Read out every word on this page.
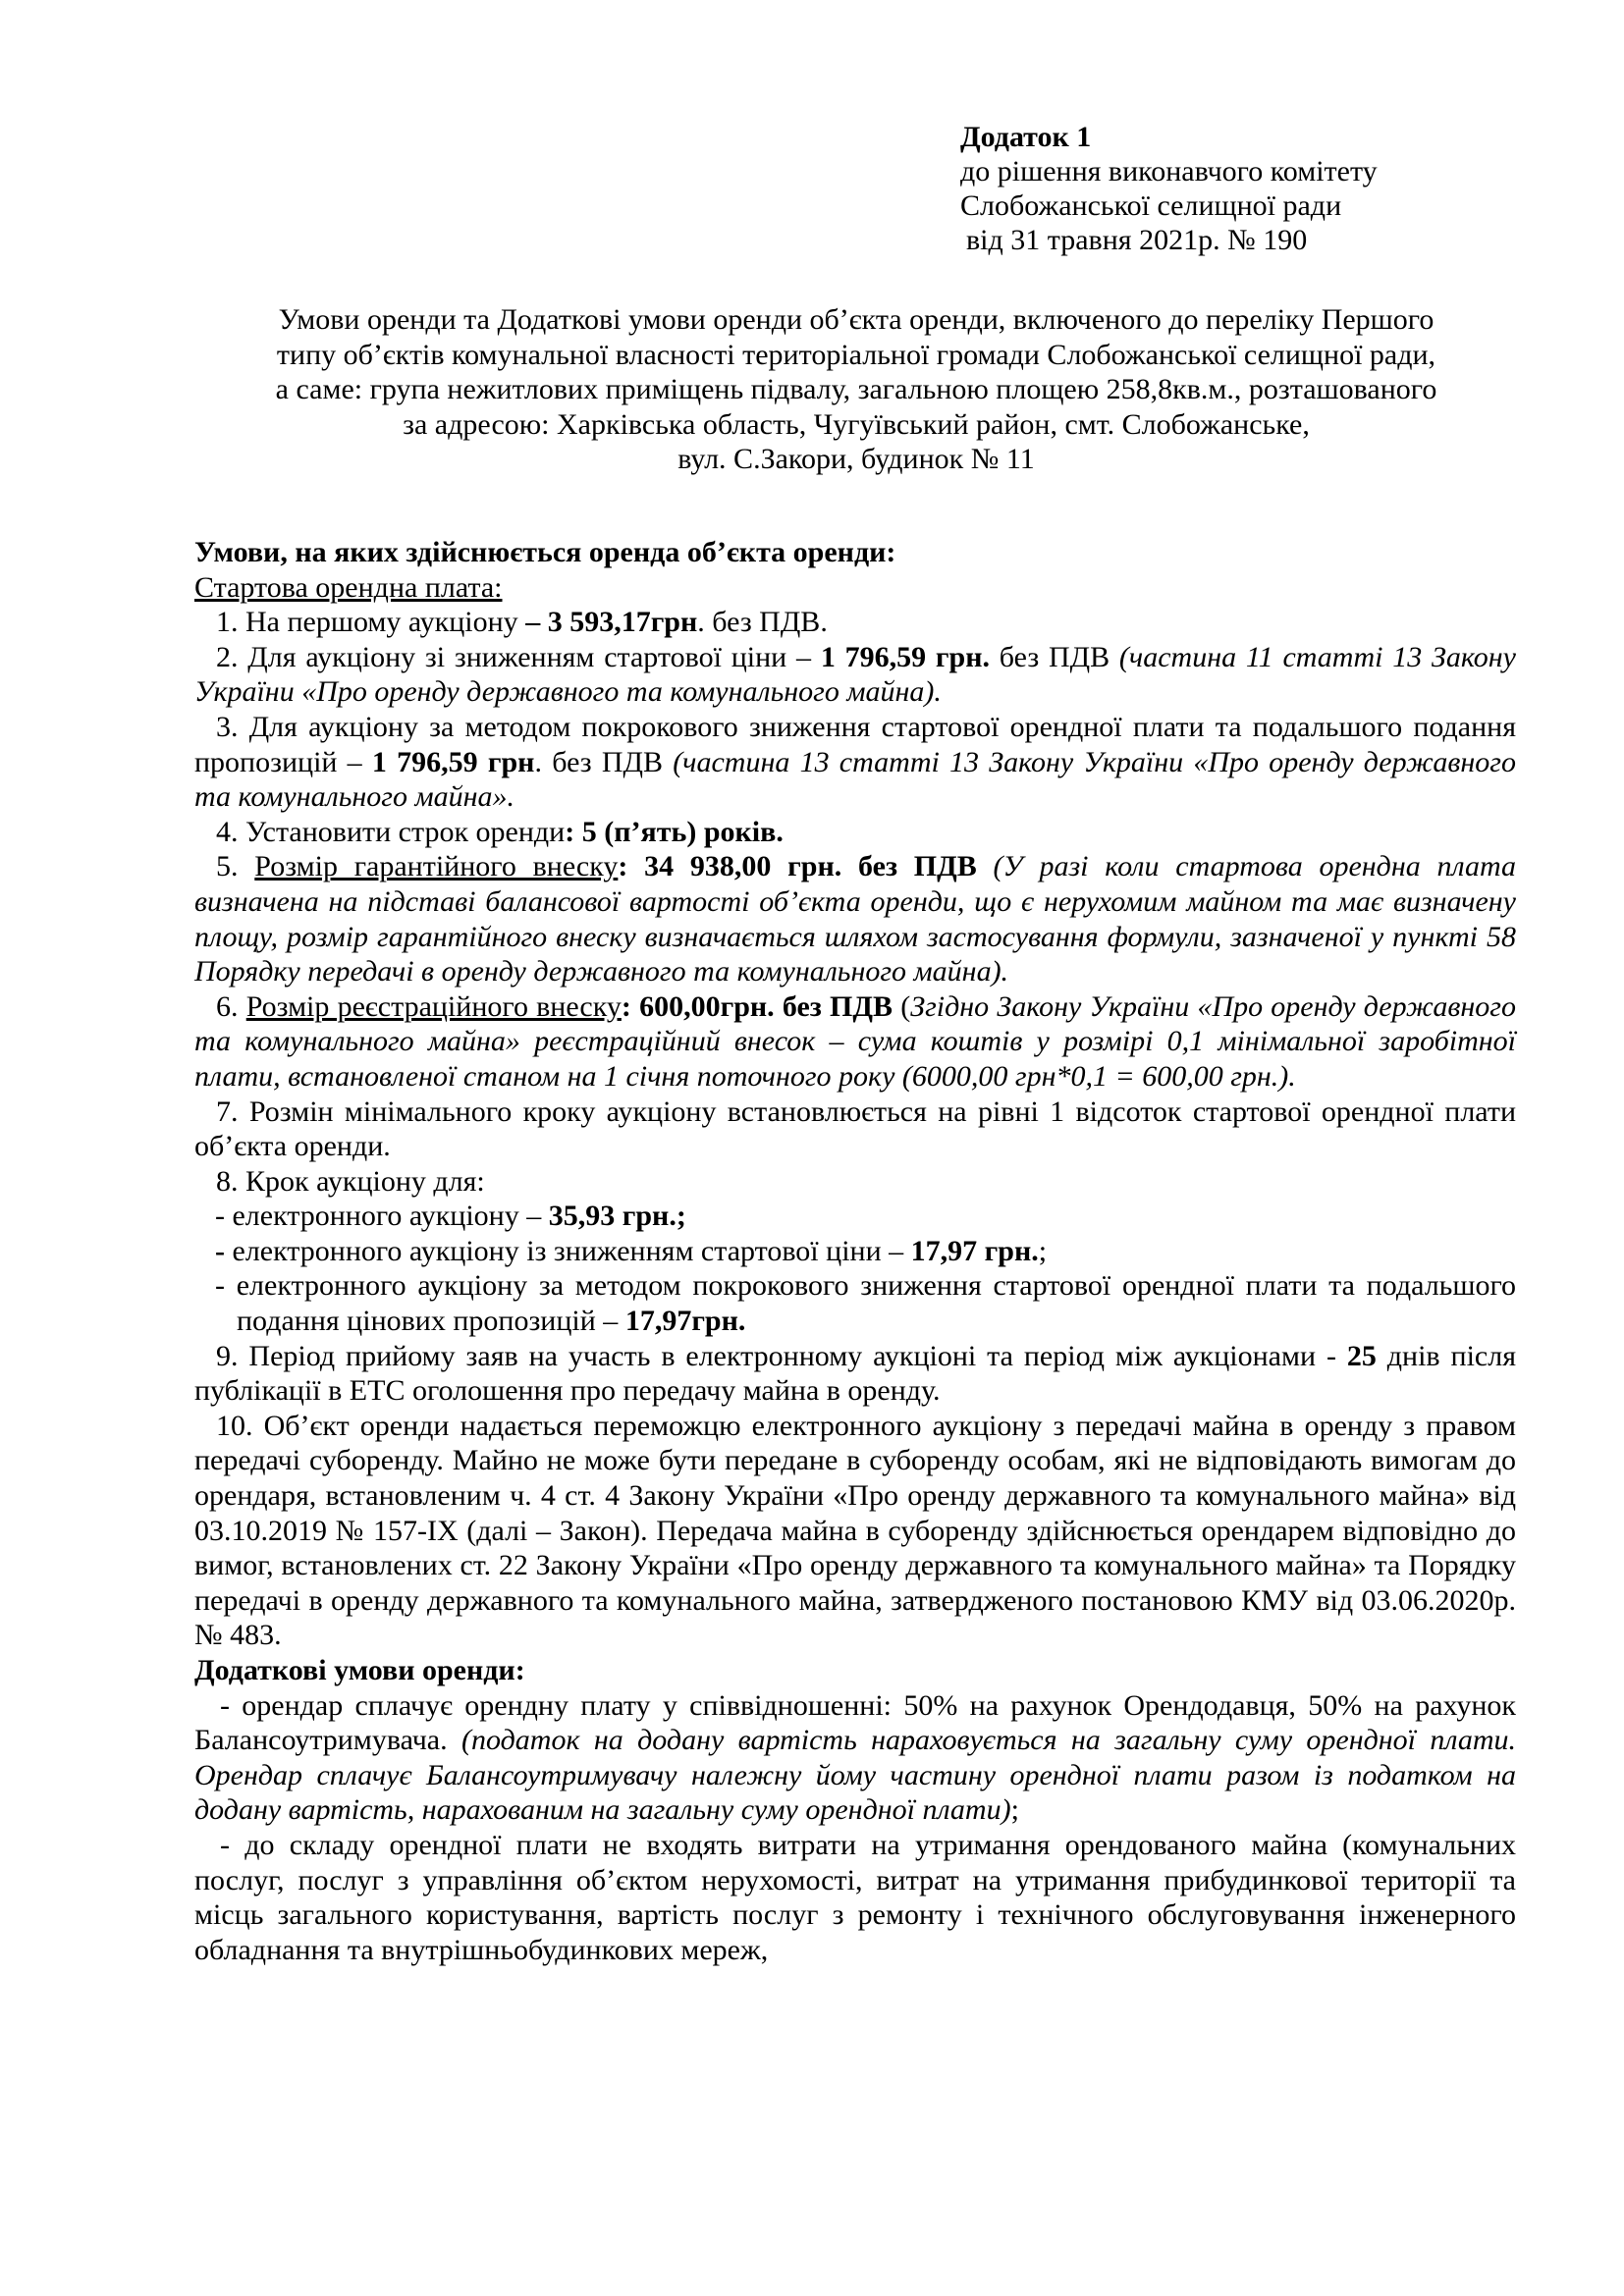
Додаток 1
до рішення виконавчого комітету
Слобожанської селищної ради
від 31 травня 2021р. № 190
Умови оренди та Додаткові умови оренди об’єкта оренди, включеного до переліку Першого
типу об’єктів комунальної власності територіальної громади Слобожанської селищної ради,
а саме: група нежитлових приміщень підвалу, загальною площею 258,8кв.м., розташованого
за адресою: Харківська область, Чугуївський район, смт. Слобожанське,
вул. С.Закори, будинок № 11

Умови, на яких здійснюється оренда об’єкта оренди:

Стартова орендна плата:

1. На першому аукціону – 3 593,17грн. без ПДВ.

2. Для аукціону зі зниженням стартової ціни – 1 796,59 грн. без ПДВ (частина 11 статті 13 Закону України «Про оренду державного та комунального майна).

3. Для аукціону за методом покрокового зниження стартової орендної плати та подальшого подання пропозицій – 1 796,59 грн. без ПДВ (частина 13 статті 13 Закону України «Про оренду державного та комунального майна».

4. Установити строк оренди: 5 (п’ять) років.

5. Розмір гарантійного внеску: 34 938,00 грн. без ПДВ (У разі коли стартова орендна плата визначена на підставі балансової вартості об’єкта оренди, що є нерухомим майном та має визначену площу, розмір гарантійного внеску визначається шляхом застосування формули, зазначеної у пункті 58 Порядку передачі в оренду державного та комунального майна).

6. Розмір реєстраційного внеску: 600,00грн. без ПДВ (Згідно Закону України «Про оренду державного та комунального майна» реєстраційний внесок – сума коштів у розмірі 0,1 мінімальної заробітної плати, встановленої станом на 1 січня поточного року (6000,00 грн*0,1 = 600,00 грн.).

7. Розмін мінімального кроку аукціону встановлюється на рівні 1 відсоток стартової орендної плати об’єкта оренди.

8. Крок аукціону для:

- електронного аукціону – 35,93 грн.;

- електронного аукціону із зниженням стартової ціни – 17,97 грн.;

- електронного аукціону за методом покрокового зниження стартової орендної плати та подальшого подання цінових пропозицій – 17,97грн.

9. Період прийому заяв на участь в електронному аукціоні та період між аукціонами - 25 днів після публікації в ЕТС оголошення про передачу майна в оренду.

10. Об’єкт оренди надається переможцю електронного аукціону з передачі майна в оренду з правом передачі суборенду. Майно не може бути передане в суборенду особам, які не відповідають вимогам до орендаря, встановленим ч. 4 ст. 4 Закону України «Про оренду державного та комунального майна» від 03.10.2019 № 157-ІХ (далі – Закон). Передача майна в суборенду здійснюється орендарем відповідно до вимог, встановлених ст. 22 Закону України «Про оренду державного та комунального майна» та Порядку передачі в оренду державного та комунального майна, затвердженого постановою КМУ від 03.06.2020р. № 483.

Додаткові умови оренди:

- орендар сплачує орендну плату у співвідношенні: 50% на рахунок Орендодавця, 50% на рахунок Балансоутримувача. (податок на додану вартість нараховується на загальну суму орендної плати. Орендар сплачує Балансоутримувачу належну йому частину орендної плати разом із податком на додану вартість, нарахованим на загальну суму орендної плати);

- до складу орендної плати не входять витрати на утримання орендованого майна (комунальних послуг, послуг з управління об’єктом нерухомості, витрат на утримання прибудинкової території та місць загального користування, вартість послуг з ремонту і технічного обслуговування інженерного обладнання та внутрішньобудинкових мереж,
